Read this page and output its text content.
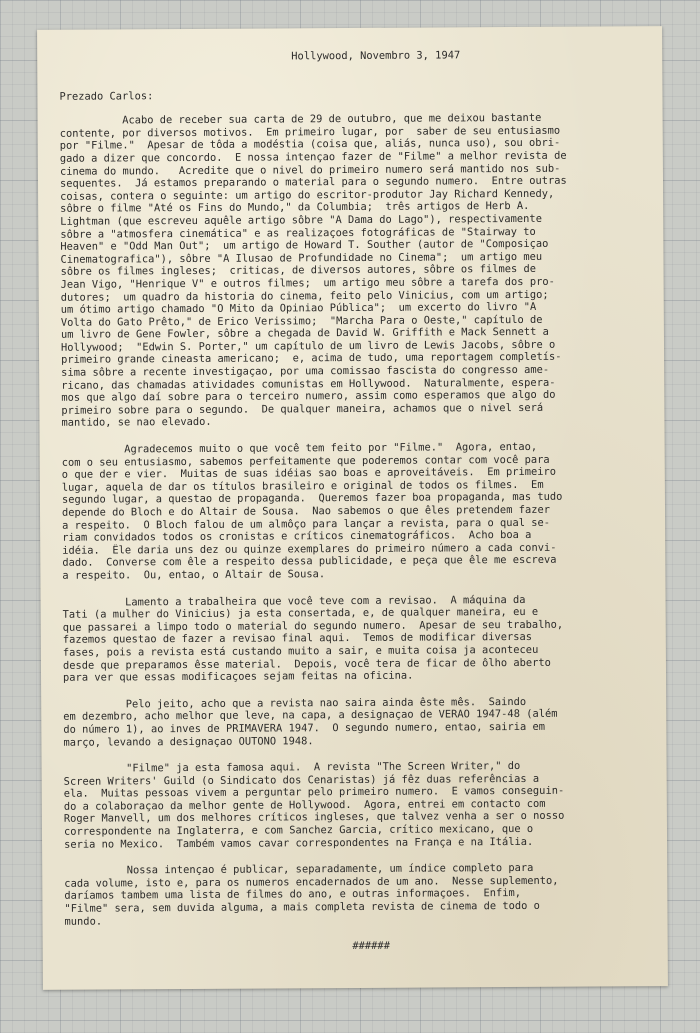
Hollywood, Novembro 3, 1947
Prezado Carlos:
Acabo de receber sua carta de 29 de outubro, que me deixou bastante
contente, por diversos motivos.  Em primeiro lugar, por  saber de seu entusiasmo
por "Filme."  Apesar de tôda a modéstia (coisa que, aliás, nunca uso), sou obri-
gado a dizer que concordo.  E nossa intençao fazer de "Filme" a melhor revista de
cinema do mundo.   Acredite que o nivel do primeiro numero será mantido nos sub-
sequentes.  Já estamos preparando o material para o segundo numero.  Entre outras
coisas, contera o seguinte: um artigo do escritor-produtor Jay Richard Kennedy,
sôbre o filme "Até os Fins do Mundo," da Columbia;  três artigos de Herb A.
Lightman (que escreveu aquêle artigo sôbre "A Dama do Lago"), respectivamente
sôbre a "atmosfera cinemática" e as realizaçoes fotográficas de "Stairway to
Heaven" e "Odd Man Out";  um artigo de Howard T. Souther (autor de "Composiçao
Cinematografica"), sôbre "A Ilusao de Profundidade no Cinema";  um artigo meu
sôbre os filmes ingleses;  criticas, de diversos autores, sôbre os filmes de
Jean Vigo, "Henrique V" e outros filmes;  um artigo meu sôbre a tarefa dos pro-
dutores;  um quadro da historia do cinema, feito pelo Vinicius, com um artigo;
um ótimo artigo chamado "O Mito da Opiniao Pública";  um excerto do livro "A
Volta do Gato Prêto," de Erico Verissimo;  "Marcha Para o Oeste," capítulo de
um livro de Gene Fowler, sôbre a chegada de David W. Griffith e Mack Sennett a
Hollywood;  "Edwin S. Porter," um capítulo de um livro de Lewis Jacobs, sôbre o
primeiro grande cineasta americano;  e, acima de tudo, uma reportagem completís-
sima sôbre a recente investigaçao, por uma comissao fascista do congresso ame-
ricano, das chamadas atividades comunistas em Hollywood.  Naturalmente, espera-
mos que algo daí sobre para o terceiro numero, assim como esperamos que algo do
primeiro sobre para o segundo.  De qualquer maneira, achamos que o nivel será
mantido, se nao elevado.
Agradecemos muito o que você tem feito por "Filme."  Agora, entao,
com o seu entusiasmo, sabemos perfeitamente que poderemos contar com você para
o que der e vier.  Muitas de suas idéias sao boas e aproveitáveis.  Em primeiro
lugar, aquela de dar os títulos brasileiro e original de todos os filmes.  Em
segundo lugar, a questao de propaganda.  Queremos fazer boa propaganda, mas tudo
depende do Bloch e do Altair de Sousa.  Nao sabemos o que êles pretendem fazer
a respeito.  O Bloch falou de um almôço para lançar a revista, para o qual se-
riam convidados todos os cronistas e críticos cinematográficos.  Acho boa a
idéia.  Êle daria uns dez ou quinze exemplares do primeiro número a cada convi-
dado.  Converse com êle a respeito dessa publicidade, e peça que êle me escreva
a respeito.  Ou, entao, o Altair de Sousa.
Lamento a trabalheira que você teve com a revisao.  A máquina da
Tati (a mulher do Vinicius) ja esta consertada, e, de qualquer maneira, eu e
que passarei a limpo todo o material do segundo numero.  Apesar de seu trabalho,
fazemos questao de fazer a revisao final aqui.  Temos de modificar diversas
fases, pois a revista está custando muito a sair, e muita coisa ja aconteceu
desde que preparamos êsse material.  Depois, você tera de ficar de ôlho aberto
para ver que essas modificaçoes sejam feitas na oficina.
Pelo jeito, acho que a revista nao saira ainda êste mês.  Saindo
em dezembro, acho melhor que leve, na capa, a designaçao de VERAO 1947-48 (além
do número 1), ao inves de PRIMAVERA 1947.  O segundo numero, entao, sairia em
março, levando a designaçao OUTONO 1948.
"Filme" ja esta famosa aqui.  A revista "The Screen Writer," do
Screen Writers' Guild (o Sindicato dos Cenaristas) já fêz duas referências a
ela.  Muitas pessoas vivem a perguntar pelo primeiro numero.  E vamos conseguin-
do a colaboraçao da melhor gente de Hollywood.  Agora, entrei em contacto com
Roger Manvell, um dos melhores críticos ingleses, que talvez venha a ser o nosso
correspondente na Inglaterra, e com Sanchez Garcia, crítico mexicano, que o
seria no Mexico.  Também vamos cavar correspondentes na França e na Itália.
Nossa intençao é publicar, separadamente, um índice completo para
cada volume, isto e, para os numeros encadernados de um ano.  Nesse suplemento,
daríamos tambem uma lista de filmes do ano, e outras informaçoes.  Enfim,
"Filme" sera, sem duvida alguma, a mais completa revista de cinema de todo o
mundo.
######
